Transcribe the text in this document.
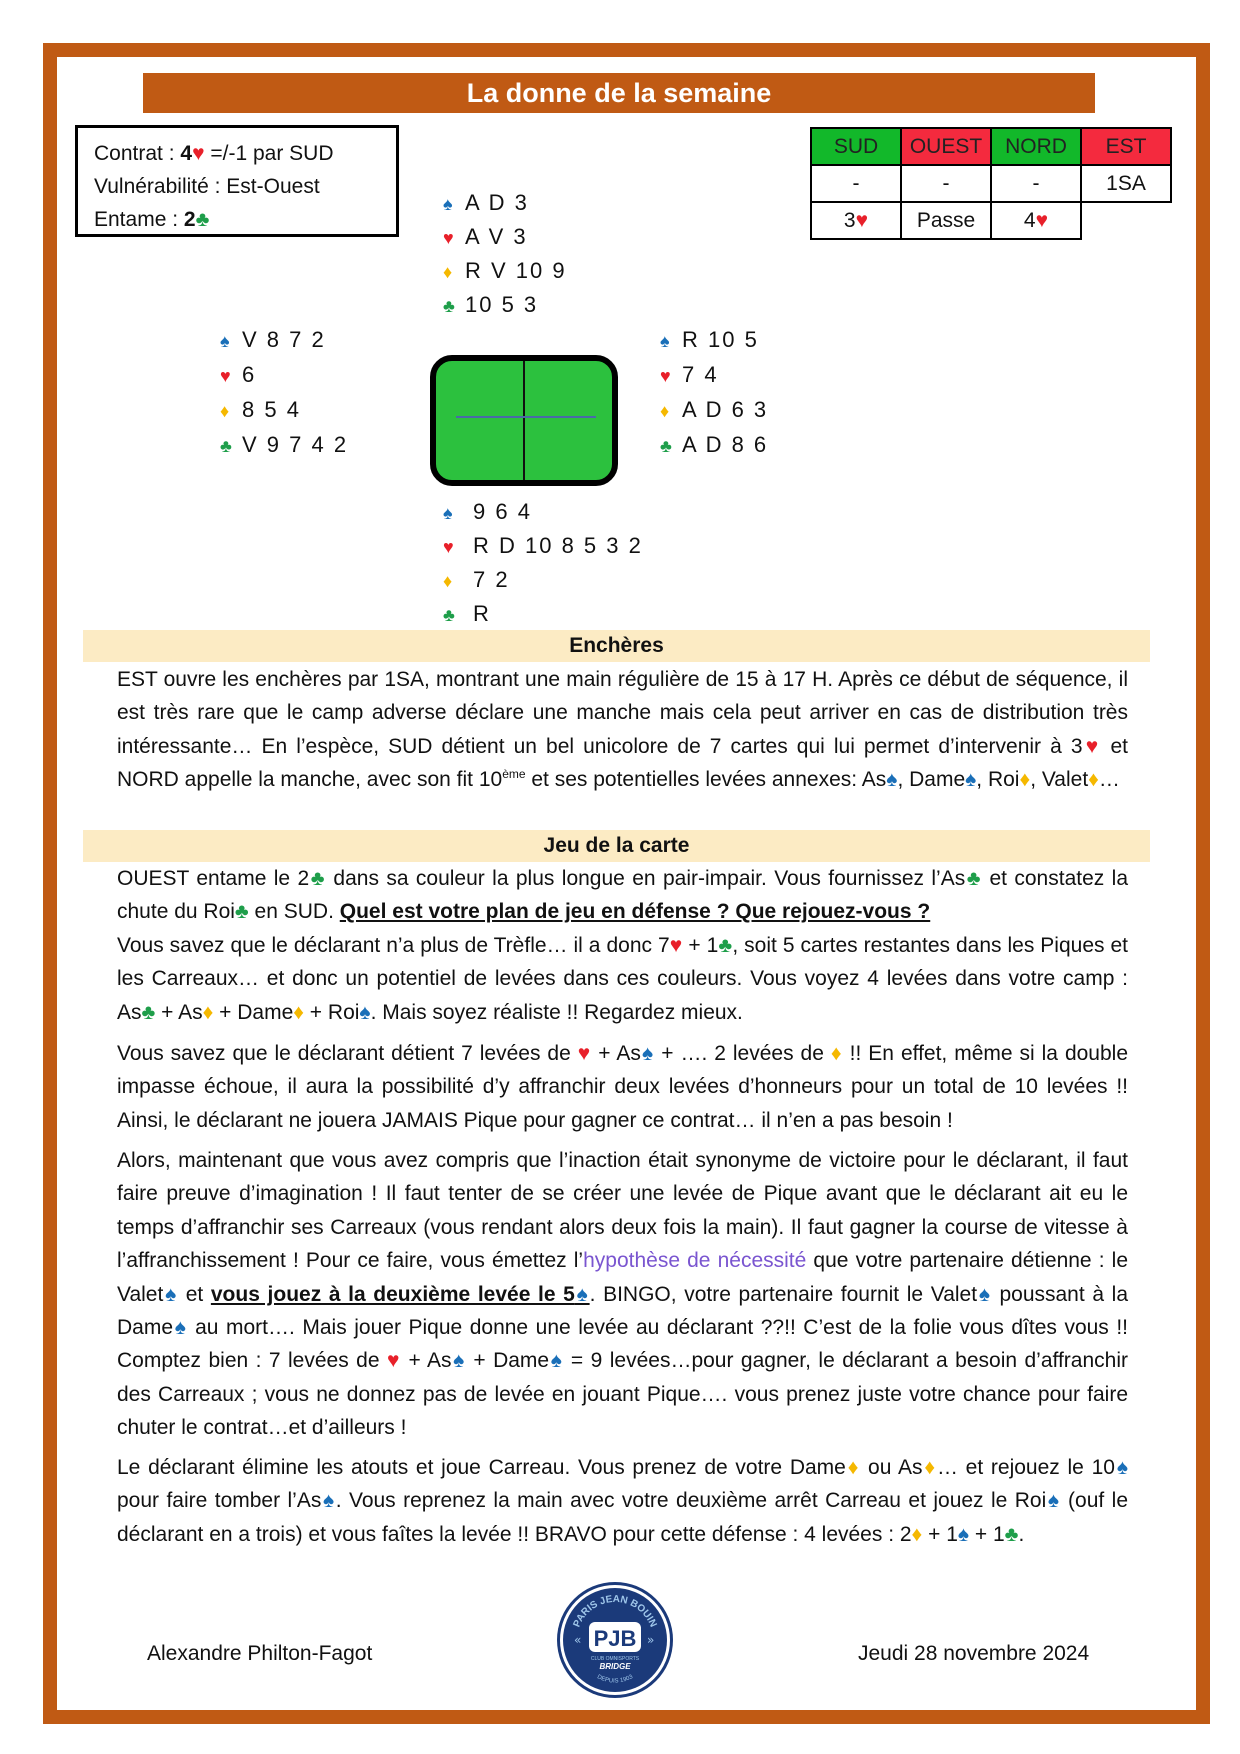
La donne de la semaine
Contrat : 4♥ =/-1 par SUD
Vulnérabilité : Est-Ouest
Entame : 2♣
SUD	OUEST	NORD	EST
-	-	-	1SA
3♥	Passe	4♥	
♠ A D 3
♥ A V 3
♦ R V 10 9
♣ 10 5 3
♠ V 8 7 2
♥ 6
♦ 8 5 4
♣ V 9 7 4 2
♠ R 10 5
♥ 7 4
♦ A D 6 3
♣ A D 8 6
♠ 9 6 4
♥ R D 10 8 5 3 2
♦ 7 2
♣ R
Enchères
EST ouvre les enchères par 1SA, montrant une main régulière de 15 à 17 H. Après ce début de séquence, il est très rare que le camp adverse déclare une manche mais cela peut arriver en cas de distribution très intéressante… En l’espèce, SUD détient un bel unicolore de 7 cartes qui lui permet d’intervenir à 3♥ et NORD appelle la manche, avec son fit 10ème et ses potentielles levées annexes: As♠, Dame♠, Roi♦, Valet♦…
Jeu de la carte
OUEST entame le 2♣ dans sa couleur la plus longue en pair-impair. Vous fournissez l’As♣ et constatez la chute du Roi♣ en SUD. Quel est votre plan de jeu en défense ? Que rejouez-vous ?
Vous savez que le déclarant n’a plus de Trèfle… il a donc 7♥ + 1♣, soit 5 cartes restantes dans les Piques et les Carreaux… et donc un potentiel de levées dans ces couleurs. Vous voyez 4 levées dans votre camp : As♣ + As♦ + Dame♦ + Roi♠. Mais soyez réaliste !! Regardez mieux.
Vous savez que le déclarant détient 7 levées de ♥ + As♠ + …. 2 levées de ♦ !! En effet, même si la double impasse échoue, il aura la possibilité d’y affranchir deux levées d’honneurs pour un total de 10 levées !! Ainsi, le déclarant ne jouera JAMAIS Pique pour gagner ce contrat… il n’en a pas besoin !
Alors, maintenant que vous avez compris que l’inaction était synonyme de victoire pour le déclarant, il faut faire preuve d’imagination ! Il faut tenter de se créer une levée de Pique avant que le déclarant ait eu le temps d’affranchir ses Carreaux (vous rendant alors deux fois la main). Il faut gagner la course de vitesse à l’affranchissement ! Pour ce faire, vous émettez l’hypothèse de nécessité que votre partenaire détienne : le Valet♠ et vous jouez à la deuxième levée le 5♠. BINGO, votre partenaire fournit le Valet♠ poussant à la Dame♠ au mort…. Mais jouer Pique donne une levée au déclarant ??!! C’est de la folie vous dîtes vous !! Comptez bien : 7 levées de ♥ + As♠ + Dame♠ = 9 levées…pour gagner, le déclarant a besoin d’affranchir des Carreaux ; vous ne donnez pas de levée en jouant Pique…. vous prenez juste votre chance pour faire chuter le contrat…et d’ailleurs !
Le déclarant élimine les atouts et joue Carreau. Vous prenez de votre Dame♦ ou As♦… et rejouez le 10♠ pour faire tomber l’As♠. Vous reprenez la main avec votre deuxième arrêt Carreau et jouez le Roi♠ (ouf le déclarant en a trois) et vous faîtes la levée !! BRAVO pour cette défense : 4 levées : 2♦ + 1♠ + 1♣.
Alexandre Philton-Fagot	Jeudi 28 novembre 2024
PARIS JEAN BOUIN
PJB
CLUB OMNISPORTS
BRIDGE
DEPUIS 1903
«	»
